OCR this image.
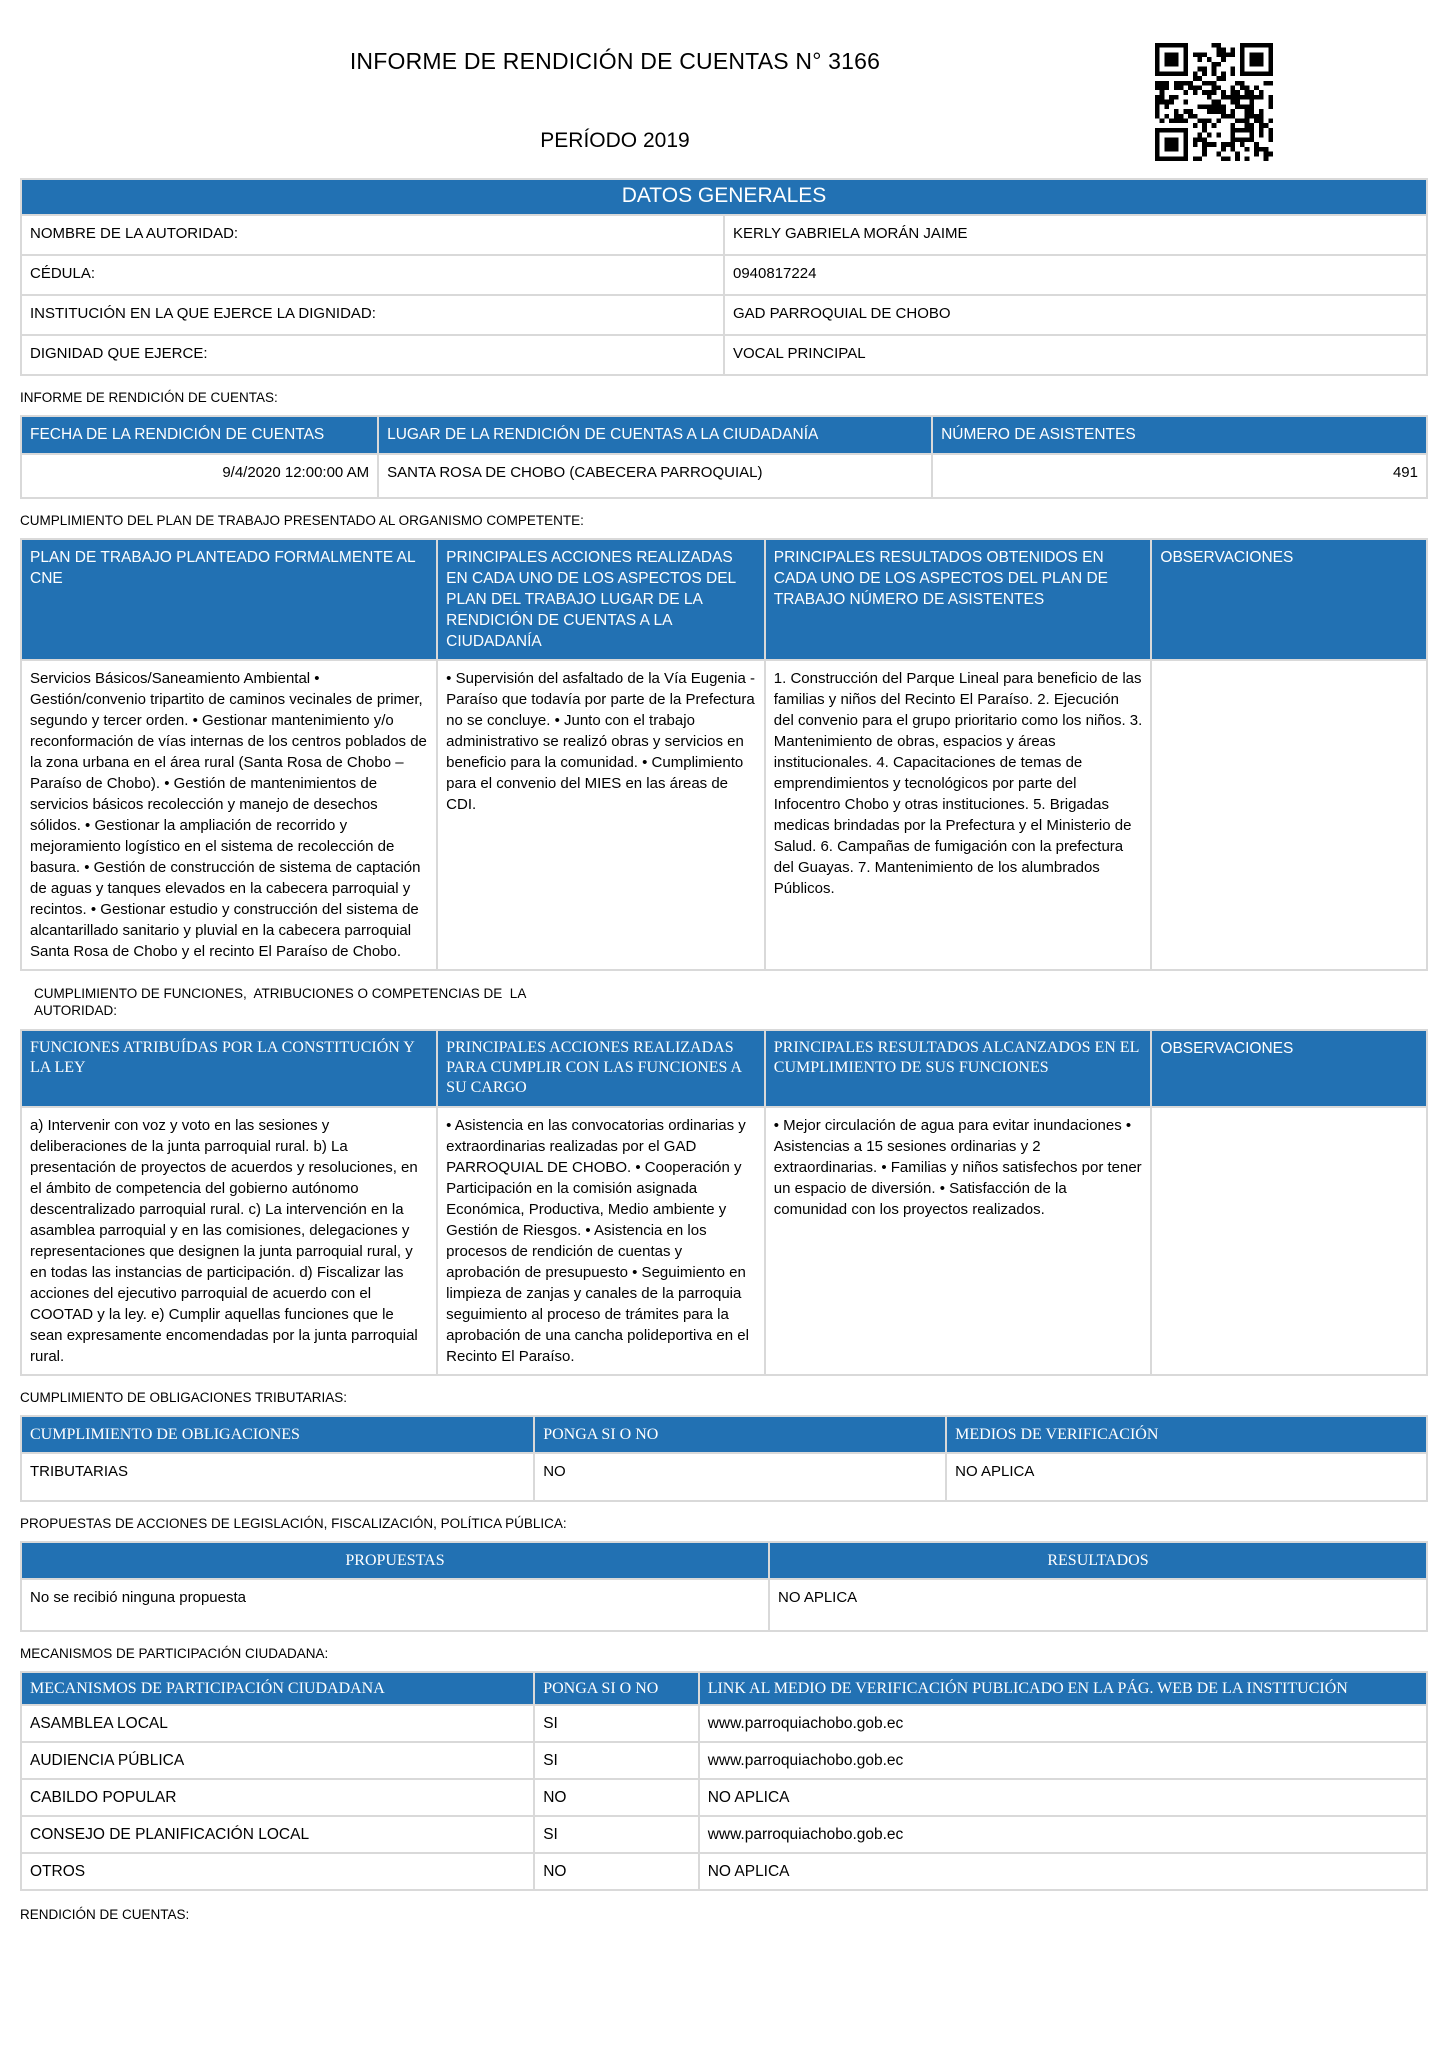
INFORME DE RENDICIÓN DE CUENTAS N° 3166
PERÍODO 2019
DATOS GENERALES	
NOMBRE DE LA AUTORIDAD:	KERLY GABRIELA MORÁN JAIME
CÉDULA:	0940817224
INSTITUCIÓN EN LA QUE EJERCE LA DIGNIDAD:	GAD PARROQUIAL DE CHOBO
DIGNIDAD QUE EJERCE:	VOCAL PRINCIPAL

INFORME DE RENDICIÓN DE CUENTAS:

FECHA DE LA RENDICIÓN DE CUENTAS	LUGAR DE LA RENDICIÓN DE CUENTAS A LA CIUDADANÍA	NÚMERO DE ASISTENTES
9/4/2020 12:00:00 AM	SANTA ROSA DE CHOBO (CABECERA PARROQUIAL)	491

CUMPLIMIENTO DEL PLAN DE TRABAJO PRESENTADO AL ORGANISMO COMPETENTE:

PLAN DE TRABAJO PLANTEADO FORMALMENTE AL CNE	PRINCIPALES ACCIONES REALIZADAS EN CADA UNO DE LOS ASPECTOS DEL PLAN DEL TRABAJO LUGAR DE LA RENDICIÓN DE CUENTAS A LA CIUDADANÍA	PRINCIPALES RESULTADOS OBTENIDOS EN CADA UNO DE LOS ASPECTOS DEL PLAN DE TRABAJO NÚMERO DE ASISTENTES	OBSERVACIONES
Servicios Básicos/Saneamiento Ambiental • Gestión/convenio tripartito de caminos vecinales de primer, segundo y tercer orden. • Gestionar mantenimiento y/o reconformación de vías internas de los centros poblados de la zona urbana en el área rural (Santa Rosa de Chobo – Paraíso de Chobo). • Gestión de mantenimientos de servicios básicos recolección y manejo de desechos sólidos. • Gestionar la ampliación de recorrido y mejoramiento logístico en el sistema de recolección de basura. • Gestión de construcción de sistema de captación de aguas y tanques elevados en la cabecera parroquial y recintos. • Gestionar estudio y construcción del sistema de alcantarillado sanitario y pluvial en la cabecera parroquial Santa Rosa de Chobo y el recinto El Paraíso de Chobo.	• Supervisión del asfaltado de la Vía Eugenia - Paraíso que todavía por parte de la Prefectura no se concluye. • Junto con el trabajo administrativo se realizó obras y servicios en beneficio para la comunidad. • Cumplimiento para el convenio del MIES en las áreas de CDI.	1. Construcción del Parque Lineal para beneficio de las familias y niños del Recinto El Paraíso. 2. Ejecución del convenio para el grupo prioritario como los niños. 3. Mantenimiento de obras, espacios y áreas institucionales. 4. Capacitaciones de temas de emprendimientos y tecnológicos por parte del Infocentro Chobo y otras instituciones. 5. Brigadas medicas brindadas por la Prefectura y el Ministerio de Salud. 6. Campañas de fumigación con la prefectura del Guayas. 7. Mantenimiento de los alumbrados Públicos.	

CUMPLIMIENTO DE FUNCIONES,  ATRIBUCIONES O COMPETENCIAS DE  LA
AUTORIDAD:

FUNCIONES ATRIBUÍDAS POR LA CONSTITUCIÓN Y LA LEY	PRINCIPALES ACCIONES REALIZADAS PARA CUMPLIR CON LAS FUNCIONES A SU CARGO	PRINCIPALES RESULTADOS ALCANZADOS EN EL CUMPLIMIENTO DE SUS FUNCIONES	OBSERVACIONES
a) Intervenir con voz y voto en las sesiones y deliberaciones de la junta parroquial rural. b) La presentación de proyectos de acuerdos y resoluciones, en el ámbito de competencia del gobierno autónomo descentralizado parroquial rural. c) La intervención en la asamblea parroquial y en las comisiones, delegaciones y representaciones que designen la junta parroquial rural, y en todas las instancias de participación. d) Fiscalizar las acciones del ejecutivo parroquial de acuerdo con el COOTAD y la ley. e) Cumplir aquellas funciones que le sean expresamente encomendadas por la junta parroquial rural.	• Asistencia en las convocatorias ordinarias y extraordinarias realizadas por el GAD PARROQUIAL DE CHOBO. • Cooperación y Participación en la comisión asignada Económica, Productiva, Medio ambiente y Gestión de Riesgos. • Asistencia en los procesos de rendición de cuentas y aprobación de presupuesto • Seguimiento en limpieza de zanjas y canales de la parroquia seguimiento al proceso de trámites para la aprobación de una cancha polideportiva en el Recinto El Paraíso.	• Mejor circulación de agua para evitar inundaciones • Asistencias a 15 sesiones ordinarias y 2 extraordinarias. • Familias y niños satisfechos por tener un espacio de diversión. • Satisfacción de la comunidad con los proyectos realizados.	

CUMPLIMIENTO DE OBLIGACIONES TRIBUTARIAS:

CUMPLIMIENTO DE OBLIGACIONES	PONGA SI O NO	MEDIOS DE VERIFICACIÓN
TRIBUTARIAS	NO	NO APLICA

PROPUESTAS DE ACCIONES DE LEGISLACIÓN, FISCALIZACIÓN, POLÍTICA PÚBLICA:

PROPUESTAS	RESULTADOS
No se recibió ninguna propuesta	NO APLICA

MECANISMOS DE PARTICIPACIÓN CIUDADANA:

MECANISMOS DE PARTICIPACIÓN CIUDADANA	PONGA SI O NO	LINK AL MEDIO DE VERIFICACIÓN PUBLICADO EN LA PÁG. WEB DE LA INSTITUCIÓN
ASAMBLEA LOCAL	SI	www.parroquiachobo.gob.ec
AUDIENCIA PÚBLICA	SI	www.parroquiachobo.gob.ec
CABILDO POPULAR	NO	NO APLICA
CONSEJO DE PLANIFICACIÓN LOCAL	SI	www.parroquiachobo.gob.ec
OTROS	NO	NO APLICA

RENDICIÓN DE CUENTAS:
